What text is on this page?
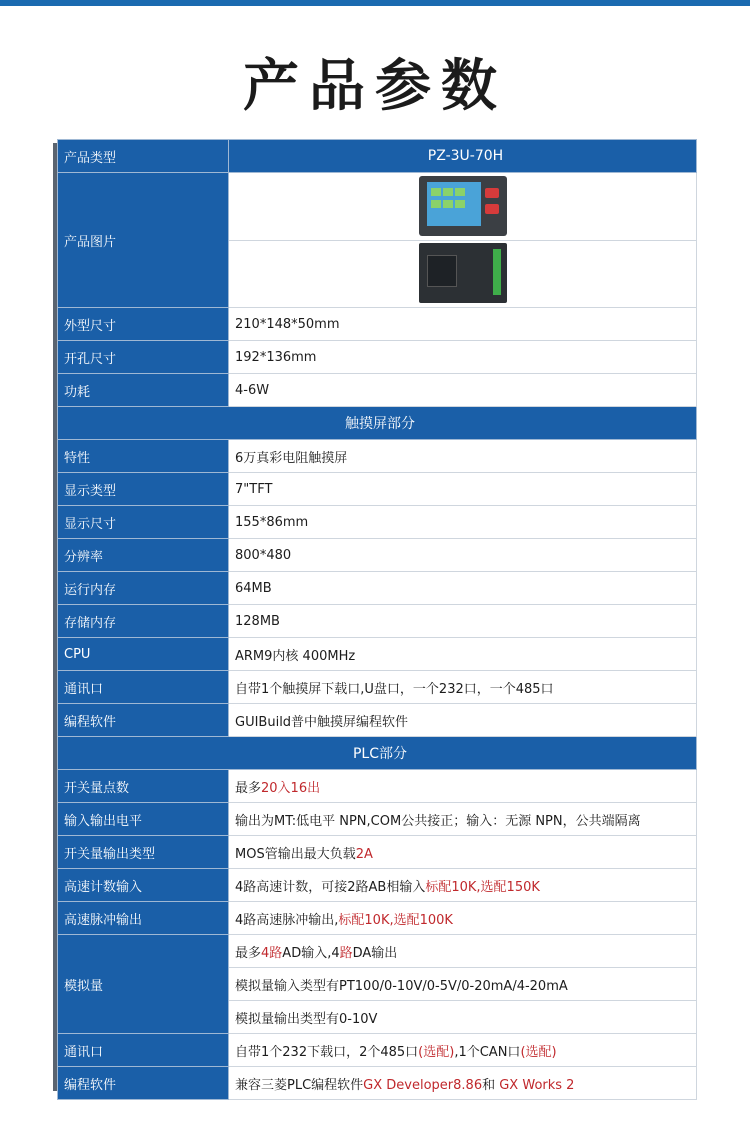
产品参数
产品类型	PZ-3U-70H
产品图片	

外型尺寸	210*148*50mm
开孔尺寸	192*136mm
功耗	4-6W
触摸屏部分	
特性	6万真彩电阻触摸屏
显示类型	7"TFT
显示尺寸	155*86mm
分辨率	800*480
运行内存	64MB
存储内存	128MB
CPU	ARM9内核 400MHz
通讯口	自带1个触摸屏下载口,U盘口，一个232口，一个485口
编程软件	GUIBuild普中触摸屏编程软件
PLC部分	
开关量点数	最多20入16出
输入输出电平	输出为MT:低电平 NPN,COM公共接正；输入：无源 NPN，公共端隔离
开关量输出类型	MOS管输出最大负载2A
高速计数输入	4路高速计数，可接2路AB相输入标配10K,选配150K
高速脉冲输出	4路高速脉冲输出,标配10K,选配100K
模拟量	最多4路AD输入,4路DA输出
	模拟量输入类型有PT100/0-10V/0-5V/0-20mA/4-20mA
	模拟量输出类型有0-10V
通讯口	自带1个232下载口，2个485口(选配),1个CAN口(选配)
编程软件	兼容三菱PLC编程软件GX Developer8.86和 GX Works 2
